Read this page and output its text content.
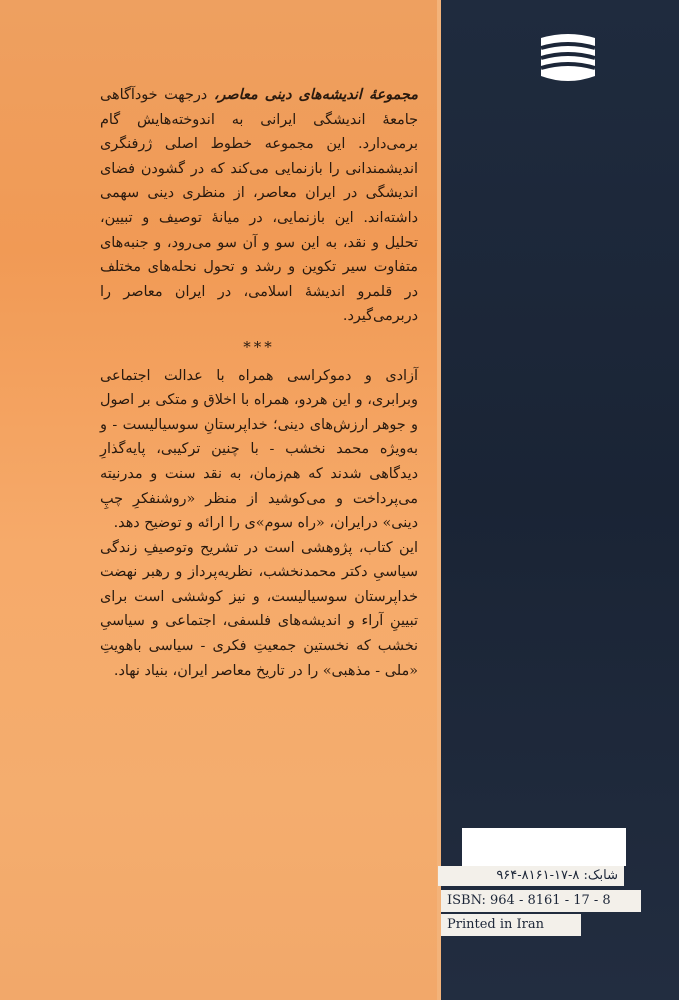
مجموعهٔ اندیشه‌های دینی معاصر، درجهت خودآگاهی جامعهٔ اندیشگی ایرانی به اندوخته‌هایش گام برمی‌دارد. این مجموعه خطوط اصلی ژرفنگری اندیشمندانی را بازنمایی می‌کند که در گشودن فضای اندیشگی در ایران معاصر، از منظری دینی سهمی داشته‌اند. این بازنمایی، در میانهٔ توصیف و تبیین، تحلیل و نقد، به این سو و آن سو می‌رود، و جنبه‌های متفاوت سیر تکوین و رشد و تحول نحله‌های مختلف در قلمرو اندیشهٔ اسلامی، در ایران معاصر را دربرمی‌گیرد.

***

آزادی و دموکراسی همراه با عدالت اجتماعی وبرابری، و این هردو، همراه با اخلاق و متکی بر اصول و جوهر ارزش‌های دینی؛ خداپرستانِ سوسیالیست - و به‌ویژه محمد نخشب - با چنین ترکیبی، پایه‌گذارِ دیدگاهی شدند که هم‌زمان، به نقد سنت و مدرنیته می‌پرداخت و می‌کوشید از منظر «روشنفکرِ چپِ دینی» درایران، «راه سوم»ی را ارائه و توضیح دهد.

این کتاب، پژوهشی است در تشریح وتوصیفِ زندگی سیاسیِ دکتر محمدنخشب، نظریه‌پرداز و رهبر نهضت خداپرستان سوسیالیست، و نیز کوششی است برای تبیینِ آراء و اندیشه‌های فلسفی، اجتماعی و سیاسیِ نخشب که نخستین جمعیتِ فکری - سیاسی باهویتِ «ملی - مذهبی» را در تاریخ معاصر ایران، بنیاد نهاد.

شابک: ۸-۱۷-۸۱۶۱-۹۶۴
ISBN: 964 - 8161 - 17 - 8
Printed in Iran
